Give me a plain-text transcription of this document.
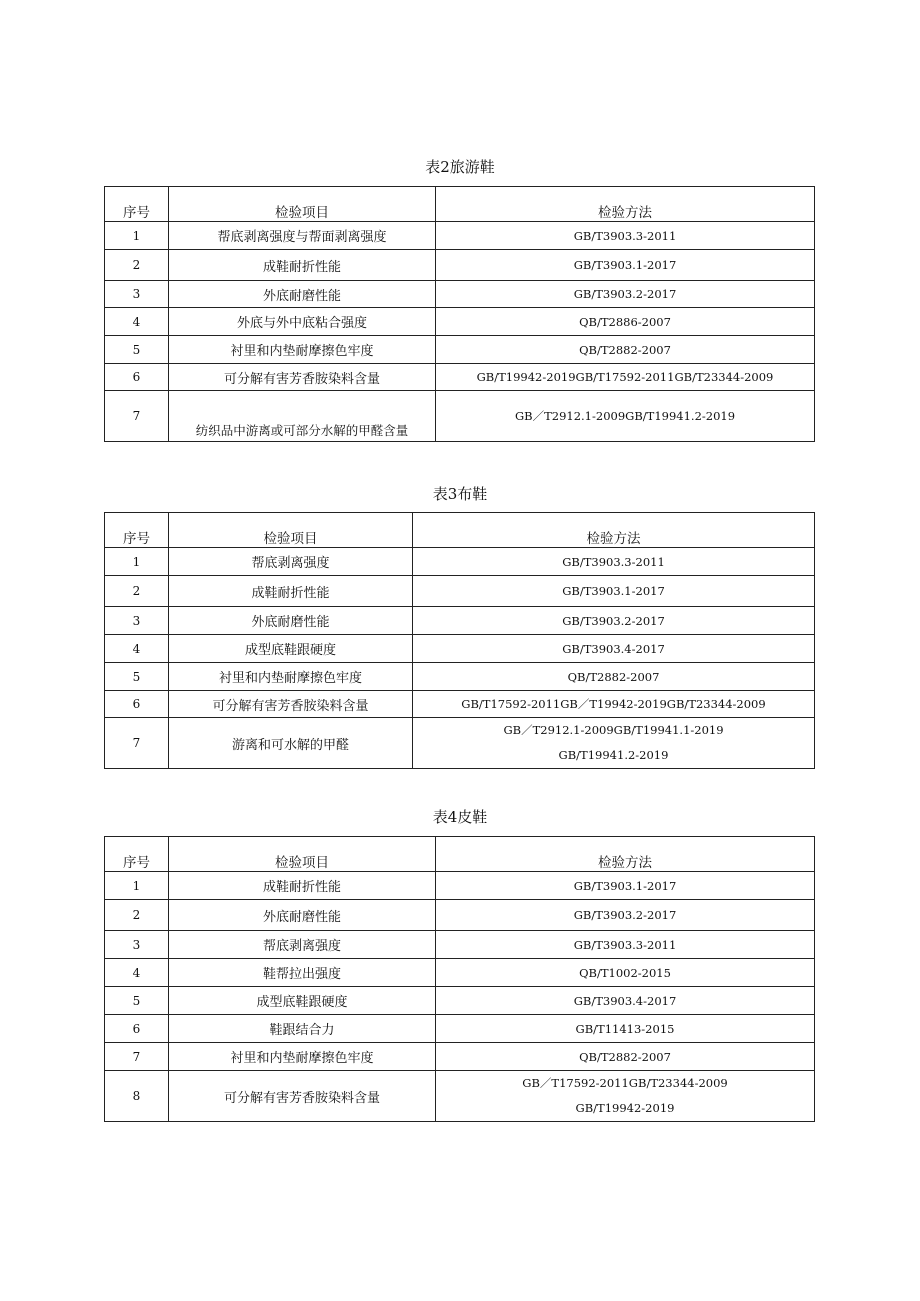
表2旅游鞋
序号	检验项目	检验方法
1	帮底剥离强度与帮面剥离强度	GB/T3903.3-2011
2	成鞋耐折性能	GB/T3903.1-2017
3	外底耐磨性能	GB/T3903.2-2017
4	外底与外中底粘合强度	QB/T2886-2007
5	衬里和内垫耐摩擦色牢度	QB/T2882-2007
6	可分解有害芳香胺染料含量	GB/T19942-2019GB/T17592-2011GB/T23344-2009
7	纺织品中游离或可部分水解的甲醛含量	GB／T2912.1-2009GB/T19941.2-2019
表3布鞋
序号	检验项目	检验方法
1	帮底剥离强度	GB/T3903.3-2011
2	成鞋耐折性能	GB/T3903.1-2017
3	外底耐磨性能	GB/T3903.2-2017
4	成型底鞋跟硬度	GB/T3903.4-2017
5	衬里和内垫耐摩擦色牢度	QB/T2882-2007
6	可分解有害芳香胺染料含量	GB/T17592-2011GB／T19942-2019GB/T23344-2009
7	游离和可水解的甲醛	GB／T2912.1-2009GB/T19941.1-2019
GB/T19941.2-2019
表4皮鞋
序号	检验项目	检验方法
1	成鞋耐折性能	GB/T3903.1-2017
2	外底耐磨性能	GB/T3903.2-2017
3	帮底剥离强度	GB/T3903.3-2011
4	鞋帮拉出强度	QB/T1002-2015
5	成型底鞋跟硬度	GB/T3903.4-2017
6	鞋跟结合力	GB/T11413-2015
7	衬里和内垫耐摩擦色牢度	QB/T2882-2007
8	可分解有害芳香胺染料含量	GB／T17592-2011GB/T23344-2009
GB/T19942-2019
